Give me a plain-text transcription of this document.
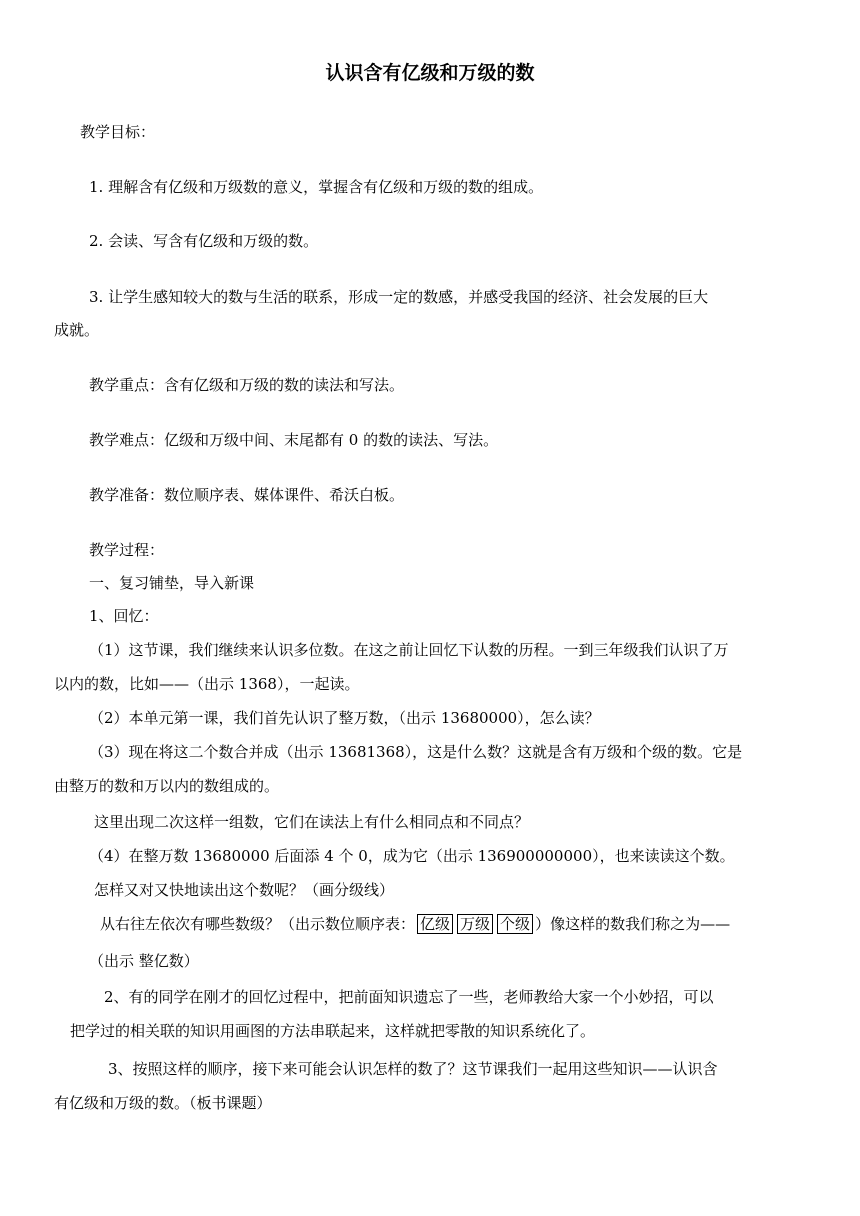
认识含有亿级和万级的数
教学目标：
1. 理解含有亿级和万级数的意义，掌握含有亿级和万级的数的组成。
2. 会读、写含有亿级和万级的数。
3. 让学生感知较大的数与生活的联系，形成一定的数感，并感受我国的经济、社会发展的巨大
成就。
教学重点：含有亿级和万级的数的读法和写法。
教学难点：亿级和万级中间、末尾都有 0 的数的读法、写法。
教学准备：数位顺序表、媒体课件、希沃白板。
教学过程：
一、复习铺垫，导入新课
1、回忆：
（1）这节课，我们继续来认识多位数。在这之前让回忆下认数的历程。一到三年级我们认识了万
以内的数，比如——（出示 1368），一起读。
（2）本单元第一课，我们首先认识了整万数，（出示 13680000），怎么读？
（3）现在将这二个数合并成（出示 13681368），这是什么数？这就是含有万级和个级的数。它是
由整万的数和万以内的数组成的。
这里出现二次这样一组数，它们在读法上有什么相同点和不同点？
（4）在整万数 13680000 后面添 4 个 0，成为它（出示 136900000000），也来读读这个数。
怎样又对又快地读出这个数呢？（画分级线）
从右往左依次有哪些数级？（出示数位顺序表： 亿级 万级 个级 ）像这样的数我们称之为——
（出示 整亿数）
2、有的同学在刚才的回忆过程中，把前面知识遗忘了一些，老师教给大家一个小妙招，可以
把学过的相关联的知识用画图的方法串联起来，这样就把零散的知识系统化了。
3、按照这样的顺序，接下来可能会认识怎样的数了？这节课我们一起用这些知识——认识含
有亿级和万级的数。（板书课题）
